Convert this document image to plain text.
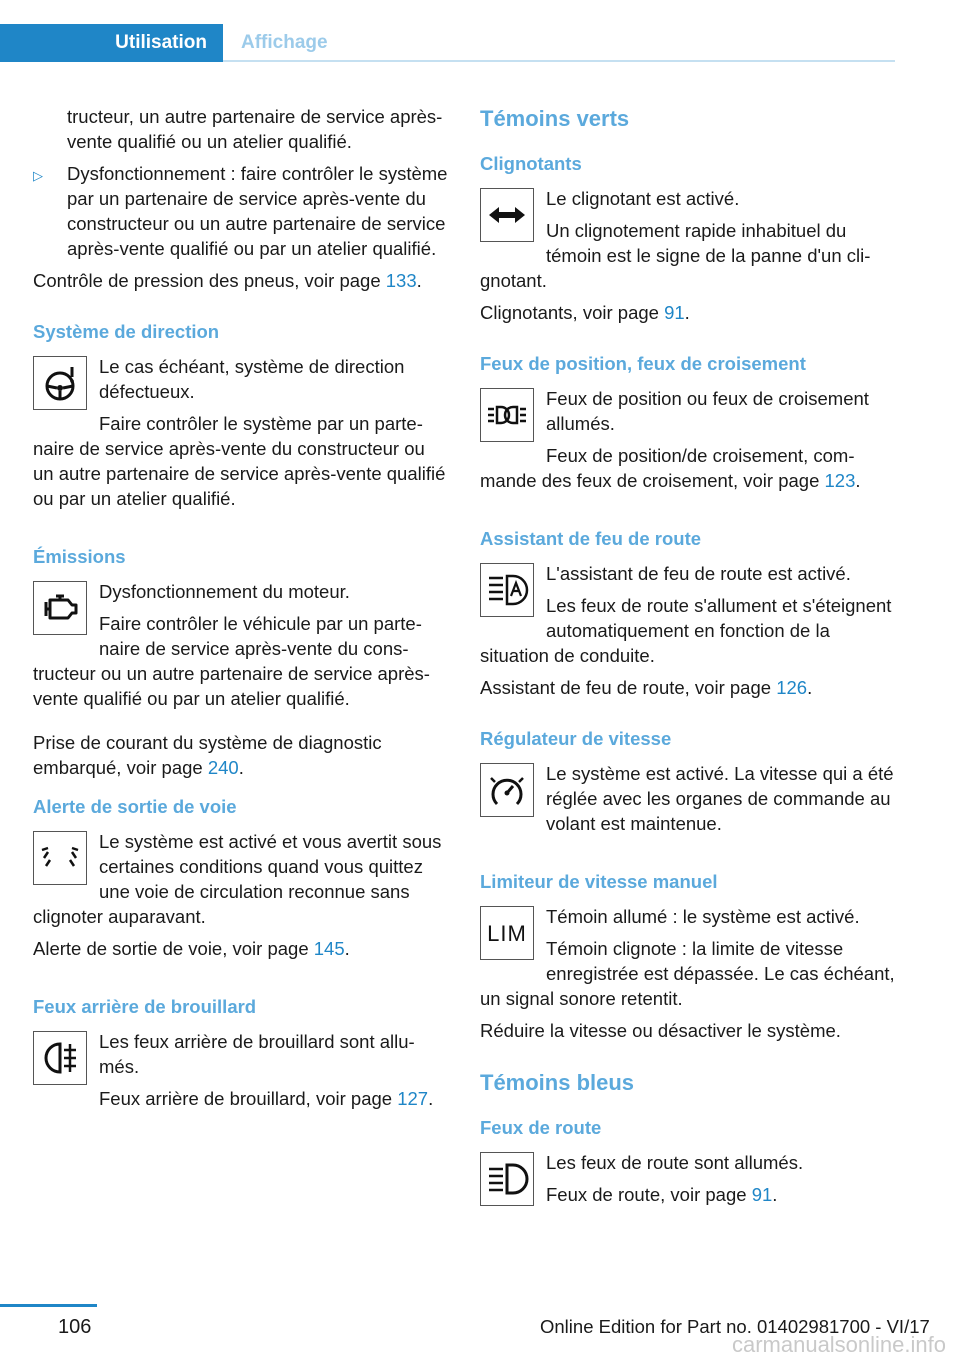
Utilisation	Affichage
tructeur, un autre partenaire de service après-vente qualifié ou un atelier qualifié.
▷ Dysfonctionnement : faire contrôler le système par un partenaire de service après-vente du constructeur ou un autre partenaire de service après-vente qualifié ou par un atelier qualifié.

Contrôle de pression des pneus, voir page 133.

Système de direction

Le cas échéant, système de direction défectueux.

Faire contrôler le système par un partenaire de service après-vente du constructeur ou un autre partenaire de service après-vente qualifié ou par un atelier qualifié.

Émissions

Dysfonctionnement du moteur.

Faire contrôler le véhicule par un partenaire de service après-vente du constructeur ou un autre partenaire de service après-vente qualifié ou par un atelier qualifié.

Prise de courant du système de diagnostic embarqué, voir page 240.

Alerte de sortie de voie

Le système est activé et vous avertit sous certaines conditions quand vous quittez une voie de circulation reconnue sans clignoter auparavant.

Alerte de sortie de voie, voir page 145.

Feux arrière de brouillard

Les feux arrière de brouillard sont allumés.

Feux arrière de brouillard, voir page 127.

Témoins verts
Clignotants

Le clignotant est activé.

Un clignotement rapide inhabituel du témoin est le signe de la panne d'un clignotant.

Clignotants, voir page 91.

Feux de position, feux de croisement

Feux de position ou feux de croisement allumés.

Feux de position/de croisement, commande des feux de croisement, voir page 123.

Assistant de feu de route

L'assistant de feu de route est activé.

Les feux de route s'allument et s'éteignent automatiquement en fonction de la situation de conduite.

Assistant de feu de route, voir page 126.

Régulateur de vitesse

Le système est activé. La vitesse qui a été réglée avec les organes de commande au volant est maintenue.

Limiteur de vitesse manuel
LIM

Témoin allumé : le système est activé.

Témoin clignote : la limite de vitesse enregistrée est dépassée. Le cas échéant, un signal sonore retentit.

Réduire la vitesse ou désactiver le système.

Témoins bleus
Feux de route

Les feux de route sont allumés.

Feux de route, voir page 91.

106	Online Edition for Part no. 01402981700 - VI/17
carmanualsonline.info
